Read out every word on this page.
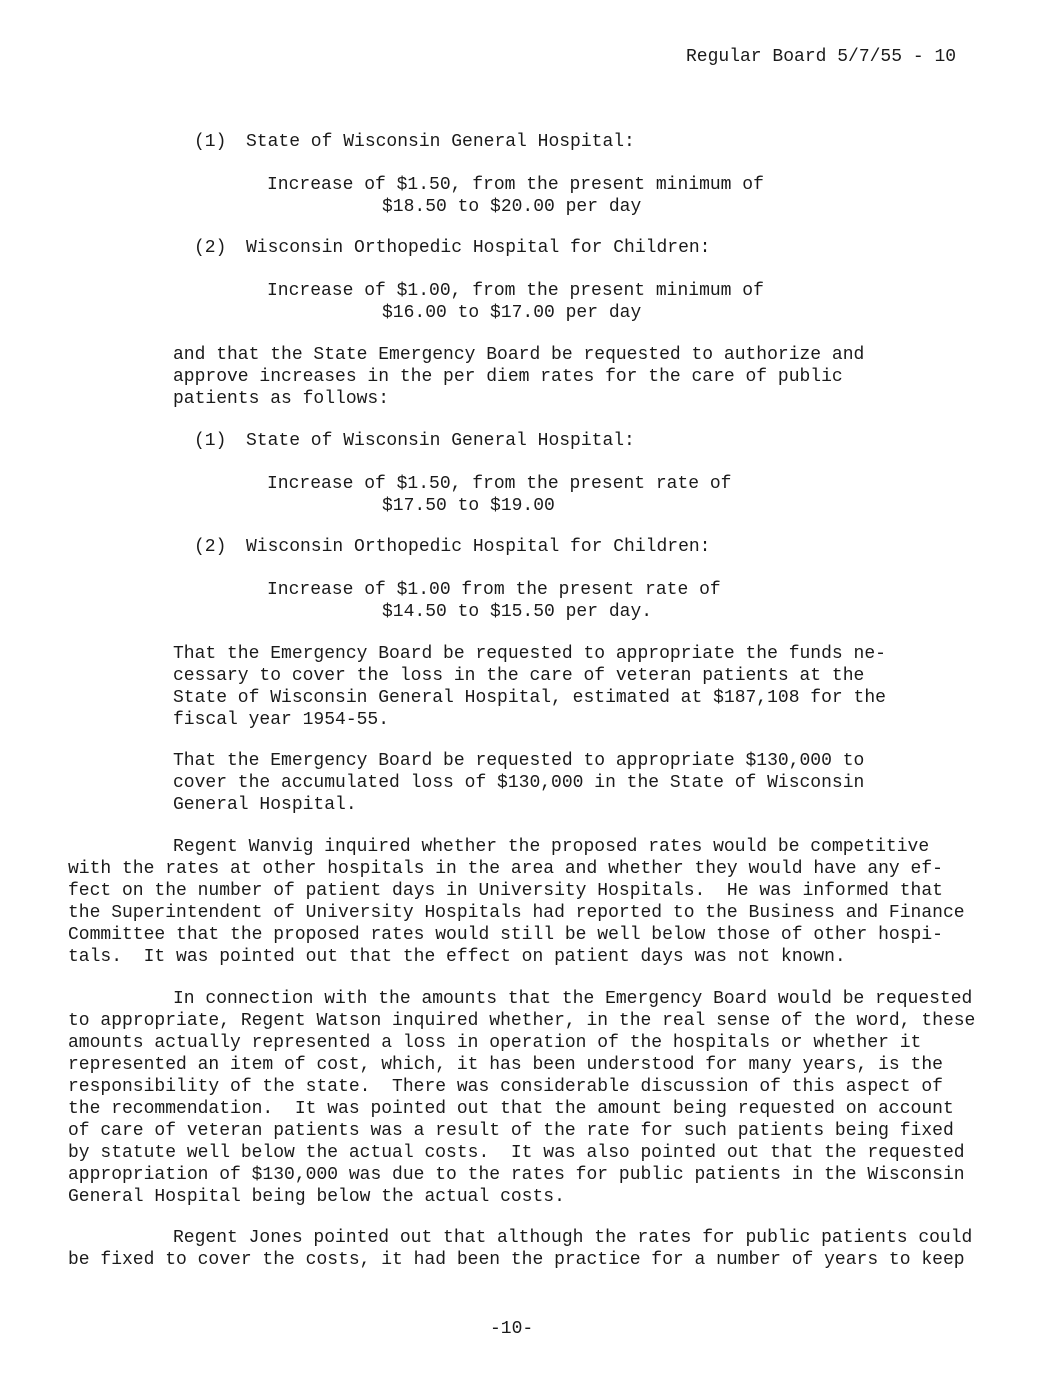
Regular Board 5/7/55 - 10
(1) State of Wisconsin General Hospital:
Increase of $1.50, from the present minimum of
$18.50 to $20.00 per day
(2) Wisconsin Orthopedic Hospital for Children:
Increase of $1.00, from the present minimum of
$16.00 to $17.00 per day
and that the State Emergency Board be requested to authorize and
approve increases in the per diem rates for the care of public
patients as follows:
(1) State of Wisconsin General Hospital:
Increase of $1.50, from the present rate of
$17.50 to $19.00
(2) Wisconsin Orthopedic Hospital for Children:
Increase of $1.00 from the present rate of
$14.50 to $15.50 per day.
That the Emergency Board be requested to appropriate the funds ne-
cessary to cover the loss in the care of veteran patients at the
State of Wisconsin General Hospital, estimated at $187,108 for the
fiscal year 1954-55.
That the Emergency Board be requested to appropriate $130,000 to
cover the accumulated loss of $130,000 in the State of Wisconsin
General Hospital.
Regent Wanvig inquired whether the proposed rates would be competitive
with the rates at other hospitals in the area and whether they would have any ef-
fect on the number of patient days in University Hospitals.  He was informed that
the Superintendent of University Hospitals had reported to the Business and Finance
Committee that the proposed rates would still be well below those of other hospi-
tals.  It was pointed out that the effect on patient days was not known.
In connection with the amounts that the Emergency Board would be requested
to appropriate, Regent Watson inquired whether, in the real sense of the word, these
amounts actually represented a loss in operation of the hospitals or whether it
represented an item of cost, which, it has been understood for many years, is the
responsibility of the state.  There was considerable discussion of this aspect of
the recommendation.  It was pointed out that the amount being requested on account
of care of veteran patients was a result of the rate for such patients being fixed
by statute well below the actual costs.  It was also pointed out that the requested
appropriation of $130,000 was due to the rates for public patients in the Wisconsin
General Hospital being below the actual costs.
Regent Jones pointed out that although the rates for public patients could
be fixed to cover the costs, it had been the practice for a number of years to keep
-10-
